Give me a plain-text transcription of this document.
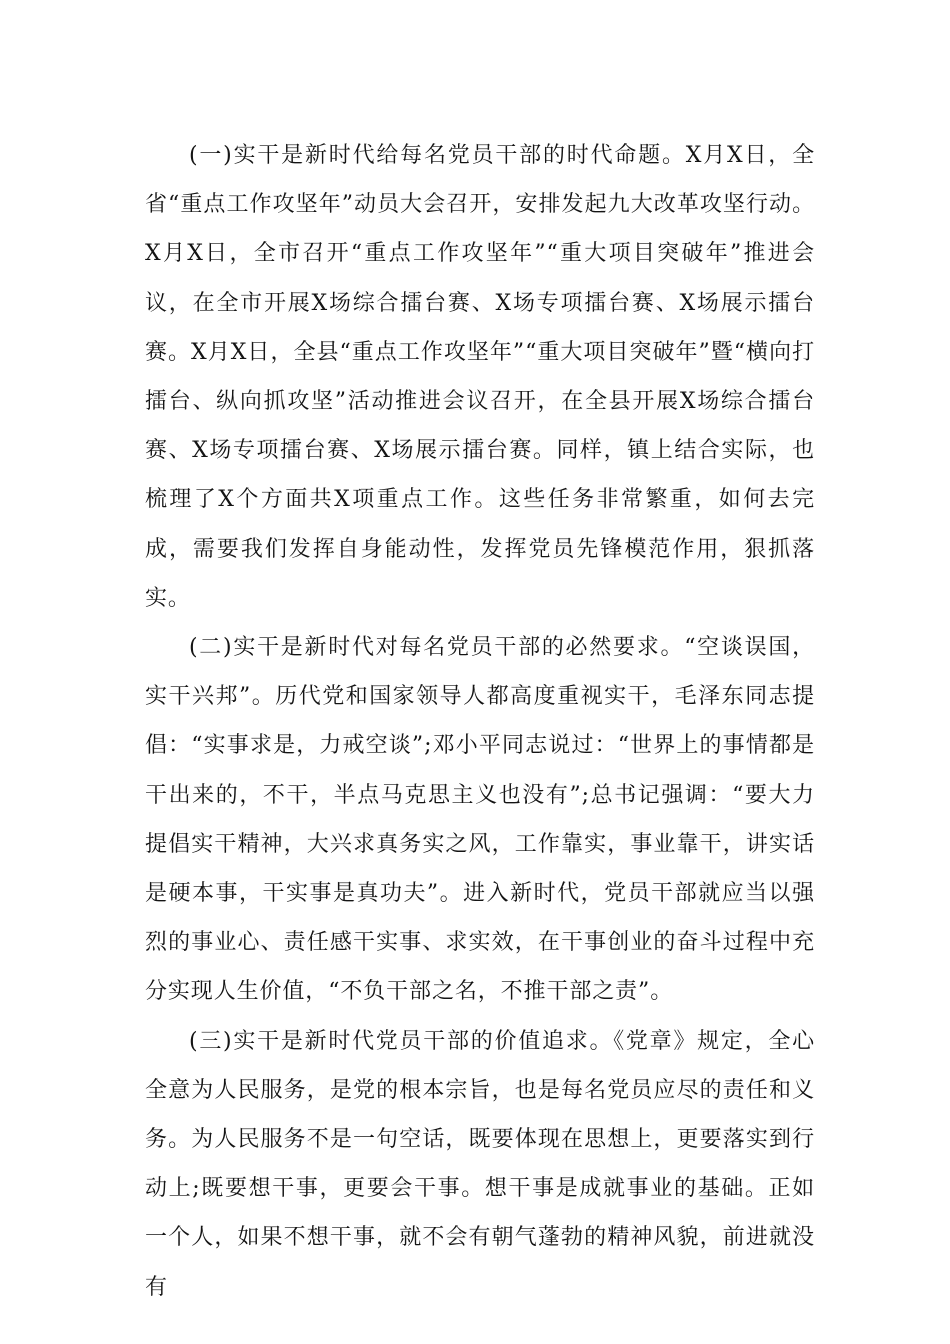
(一)实干是新时代给每名党员干部的时代命题。X月X日，全省“重点工作攻坚年”动员大会召开，安排发起九大改革攻坚行动。X月X日，全市召开“重点工作攻坚年”“重大项目突破年”推进会议，在全市开展X场综合擂台赛、X场专项擂台赛、X场展示擂台赛。X月X日，全县“重点工作攻坚年”“重大项目突破年”暨“横向打擂台、纵向抓攻坚”活动推进会议召开，在全县开展X场综合擂台赛、X场专项擂台赛、X场展示擂台赛。同样，镇上结合实际，也梳理了X个方面共X项重点工作。这些任务非常繁重，如何去完成，需要我们发挥自身能动性，发挥党员先锋模范作用，狠抓落实。

(二)实干是新时代对每名党员干部的必然要求。“空谈误国，实干兴邦”。历代党和国家领导人都高度重视实干，毛泽东同志提倡：“实事求是，力戒空谈”;邓小平同志说过：“世界上的事情都是干出来的，不干，半点马克思主义也没有”;总书记强调：“要大力提倡实干精神，大兴求真务实之风，工作靠实，事业靠干，讲实话是硬本事，干实事是真功夫”。进入新时代，党员干部就应当以强烈的事业心、责任感干实事、求实效，在干事创业的奋斗过程中充分实现人生价值，“不负干部之名，不推干部之责”。

(三)实干是新时代党员干部的价值追求。《党章》规定，全心全意为人民服务，是党的根本宗旨，也是每名党员应尽的责任和义务。为人民服务不是一句空话，既要体现在思想上，更要落实到行动上;既要想干事，更要会干事。想干事是成就事业的基础。正如一个人，如果不想干事，就不会有朝气蓬勃的精神风貌，前进就没有
